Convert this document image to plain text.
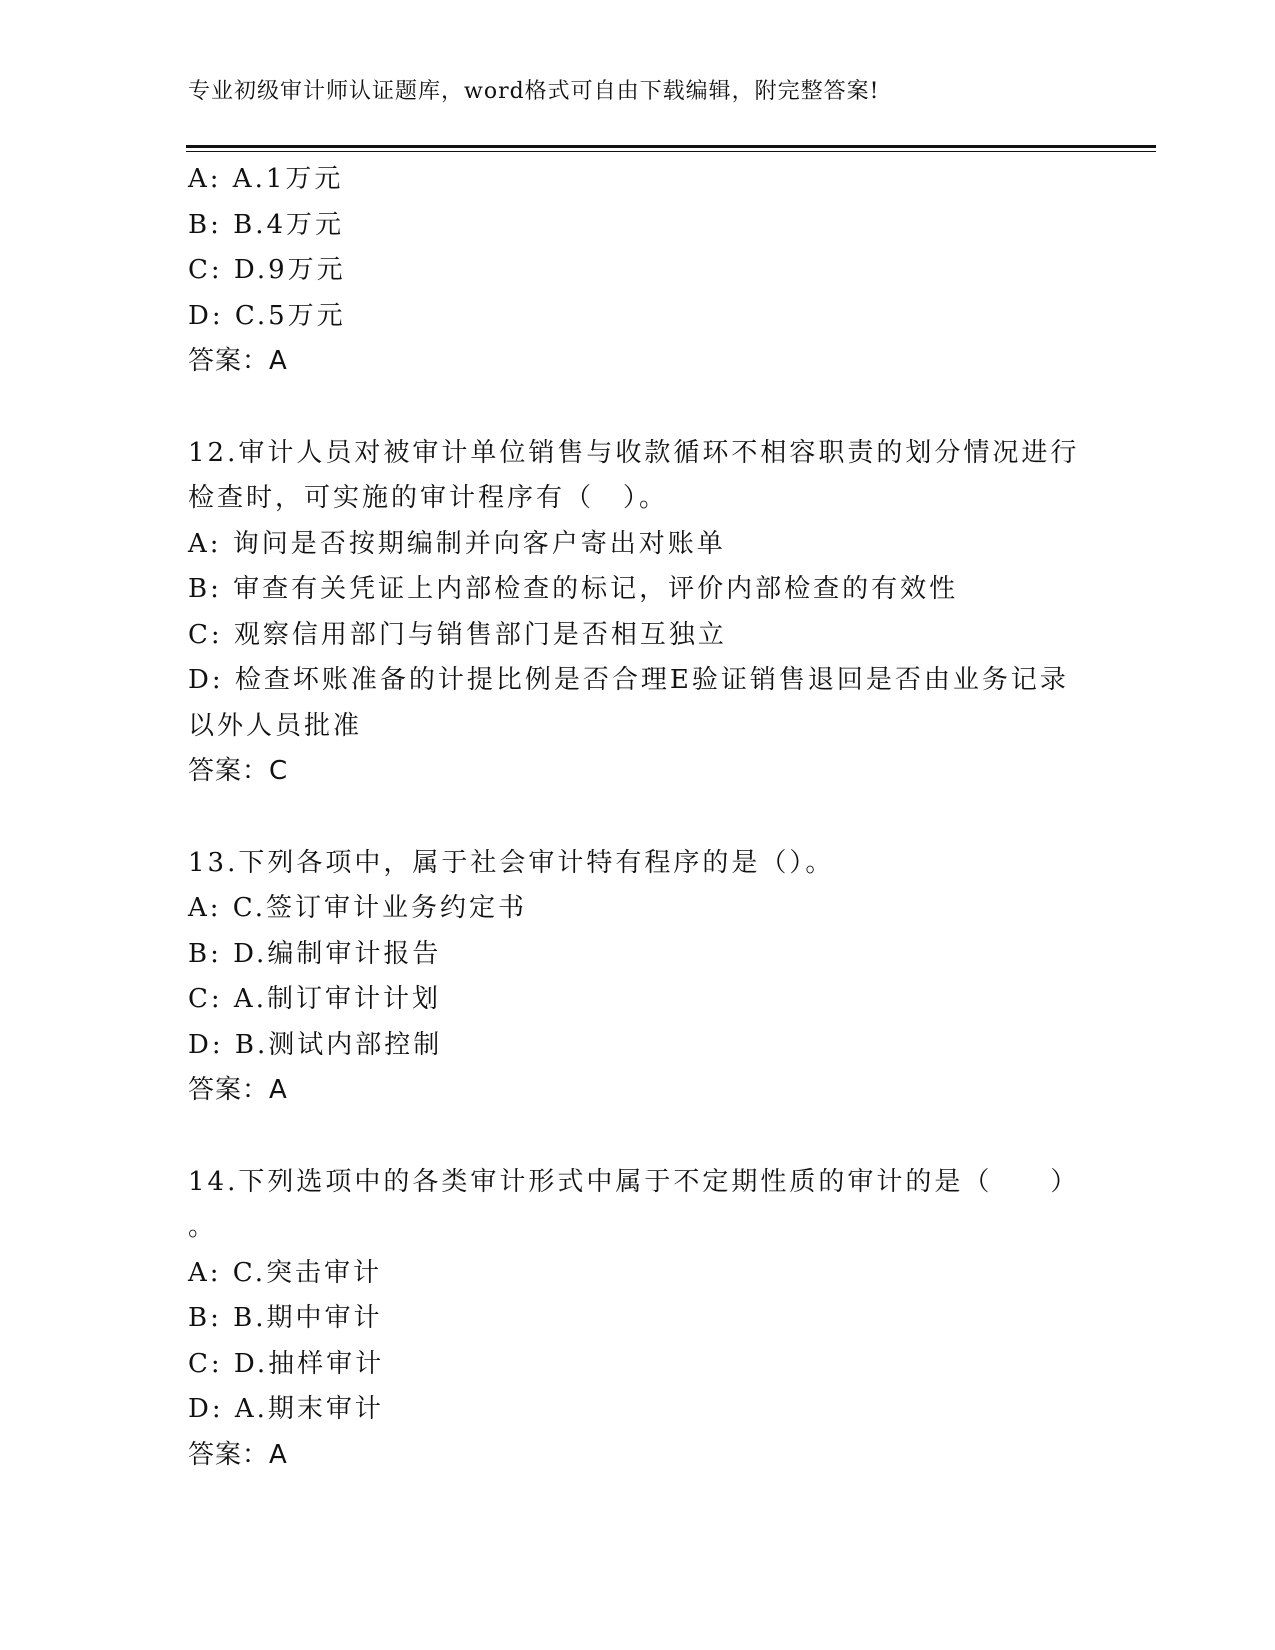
专业初级审计师认证题库，word格式可自由下载编辑，附完整答案!
A: A.1万元
B: B.4万元
C: D.9万元
D: C.5万元
答案：A
12.审计人员对被审计单位销售与收款循环不相容职责的划分情况进行
检查时，可实施的审计程序有（　）。
A: 询问是否按期编制并向客户寄出对账单
B: 审查有关凭证上内部检查的标记，评价内部检查的有效性
C: 观察信用部门与销售部门是否相互独立
D: 检查坏账准备的计提比例是否合理E验证销售退回是否由业务记录
以外人员批准
答案：C
13.下列各项中，属于社会审计特有程序的是（）。
A: C.签订审计业务约定书
B: D.编制审计报告
C: A.制订审计计划
D: B.测试内部控制
答案：A
14.下列选项中的各类审计形式中属于不定期性质的审计的是（　　）
。
A: C.突击审计
B: B.期中审计
C: D.抽样审计
D: A.期末审计
答案：A
